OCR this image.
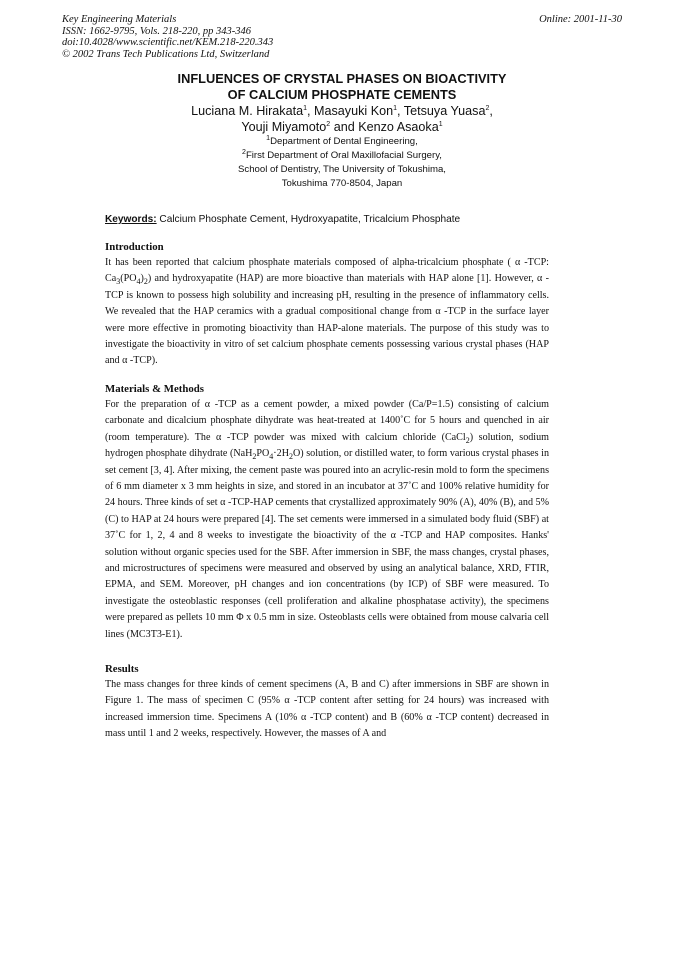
Key Engineering Materials
ISSN: 1662-9795, Vols. 218-220, pp 343-346
doi:10.4028/www.scientific.net/KEM.218-220.343
© 2002 Trans Tech Publications Ltd, Switzerland
Online: 2001-11-30
INFLUENCES OF CRYSTAL PHASES ON BIOACTIVITY
OF CALCIUM PHOSPHATE CEMENTS
Luciana M. Hirakata$^1$, Masayuki Kon$^1$, Tetsuya Yuasa$^2$,
Youji Miyamoto$^2$ and Kenzo Asaoka$^1$
$^1$Department of Dental Engineering,
$^2$First Department of Oral Maxillofacial Surgery,
School of Dentistry, The University of Tokushima,
Tokushima 770-8504, Japan
Keywords: Calcium Phosphate Cement, Hydroxyapatite, Tricalcium Phosphate
Introduction

It has been reported that calcium phosphate materials composed of alpha-tricalcium phosphate ( α -TCP: $Ca_3(PO_4)_2$) and hydroxyapatite (HAP) are more bioactive than materials with HAP alone [1]. However, α -TCP is known to possess high solubility and increasing pH, resulting in the presence of inflammatory cells. We revealed that the HAP ceramics with a gradual compositional change from α -TCP in the surface layer were more effective in promoting bioactivity than HAP-alone materials. The purpose of this study was to investigate the bioactivity in vitro of set calcium phosphate cements possessing various crystal phases (HAP and α -TCP).

Materials & Methods

For the preparation of α -TCP as a cement powder, a mixed powder (Ca/P=1.5) consisting of calcium carbonate and dicalcium phosphate dihydrate was heat-treated at 1400˚C for 5 hours and quenched in air (room temperature). The α -TCP powder was mixed with calcium chloride (CaCl$_2$) solution, sodium hydrogen phosphate dihydrate $(NaH_2PO_4\cdot 2H_2O)$ solution, or distilled water, to form various crystal phases in set cement [3, 4]. After mixing, the cement paste was poured into an acrylic-resin mold to form the specimens of 6 mm diameter x 3 mm heights in size, and stored in an incubator at 37˚C and 100% relative humidity for 24 hours. Three kinds of set α -TCP-HAP cements that crystallized approximately 90% (A), 40% (B), and 5% (C) to HAP at 24 hours were prepared [4]. The set cements were immersed in a simulated body fluid (SBF) at 37˚C for 1, 2, 4 and 8 weeks to investigate the bioactivity of the α -TCP and HAP composites. Hanks' solution without organic species used for the SBF. After immersion in SBF, the mass changes, crystal phases, and microstructures of specimens were measured and observed by using an analytical balance, XRD, FTIR, EPMA, and SEM. Moreover, pH changes and ion concentrations (by ICP) of SBF were measured. To investigate the osteoblastic responses (cell proliferation and alkaline phosphatase activity), the specimens were prepared as pellets 10 mm Φ x 0.5 mm in size. Osteoblasts cells were obtained from mouse calvaria cell lines (MC3T3-E1).

Results

The mass changes for three kinds of cement specimens (A, B and C) after immersions in SBF are shown in Figure 1. The mass of specimen C (95% α -TCP content after setting for 24 hours) was increased with increased immersion time. Specimens A (10% α -TCP content) and B (60% α -TCP content) decreased in mass until 1 and 2 weeks, respectively. However, the masses of A and
